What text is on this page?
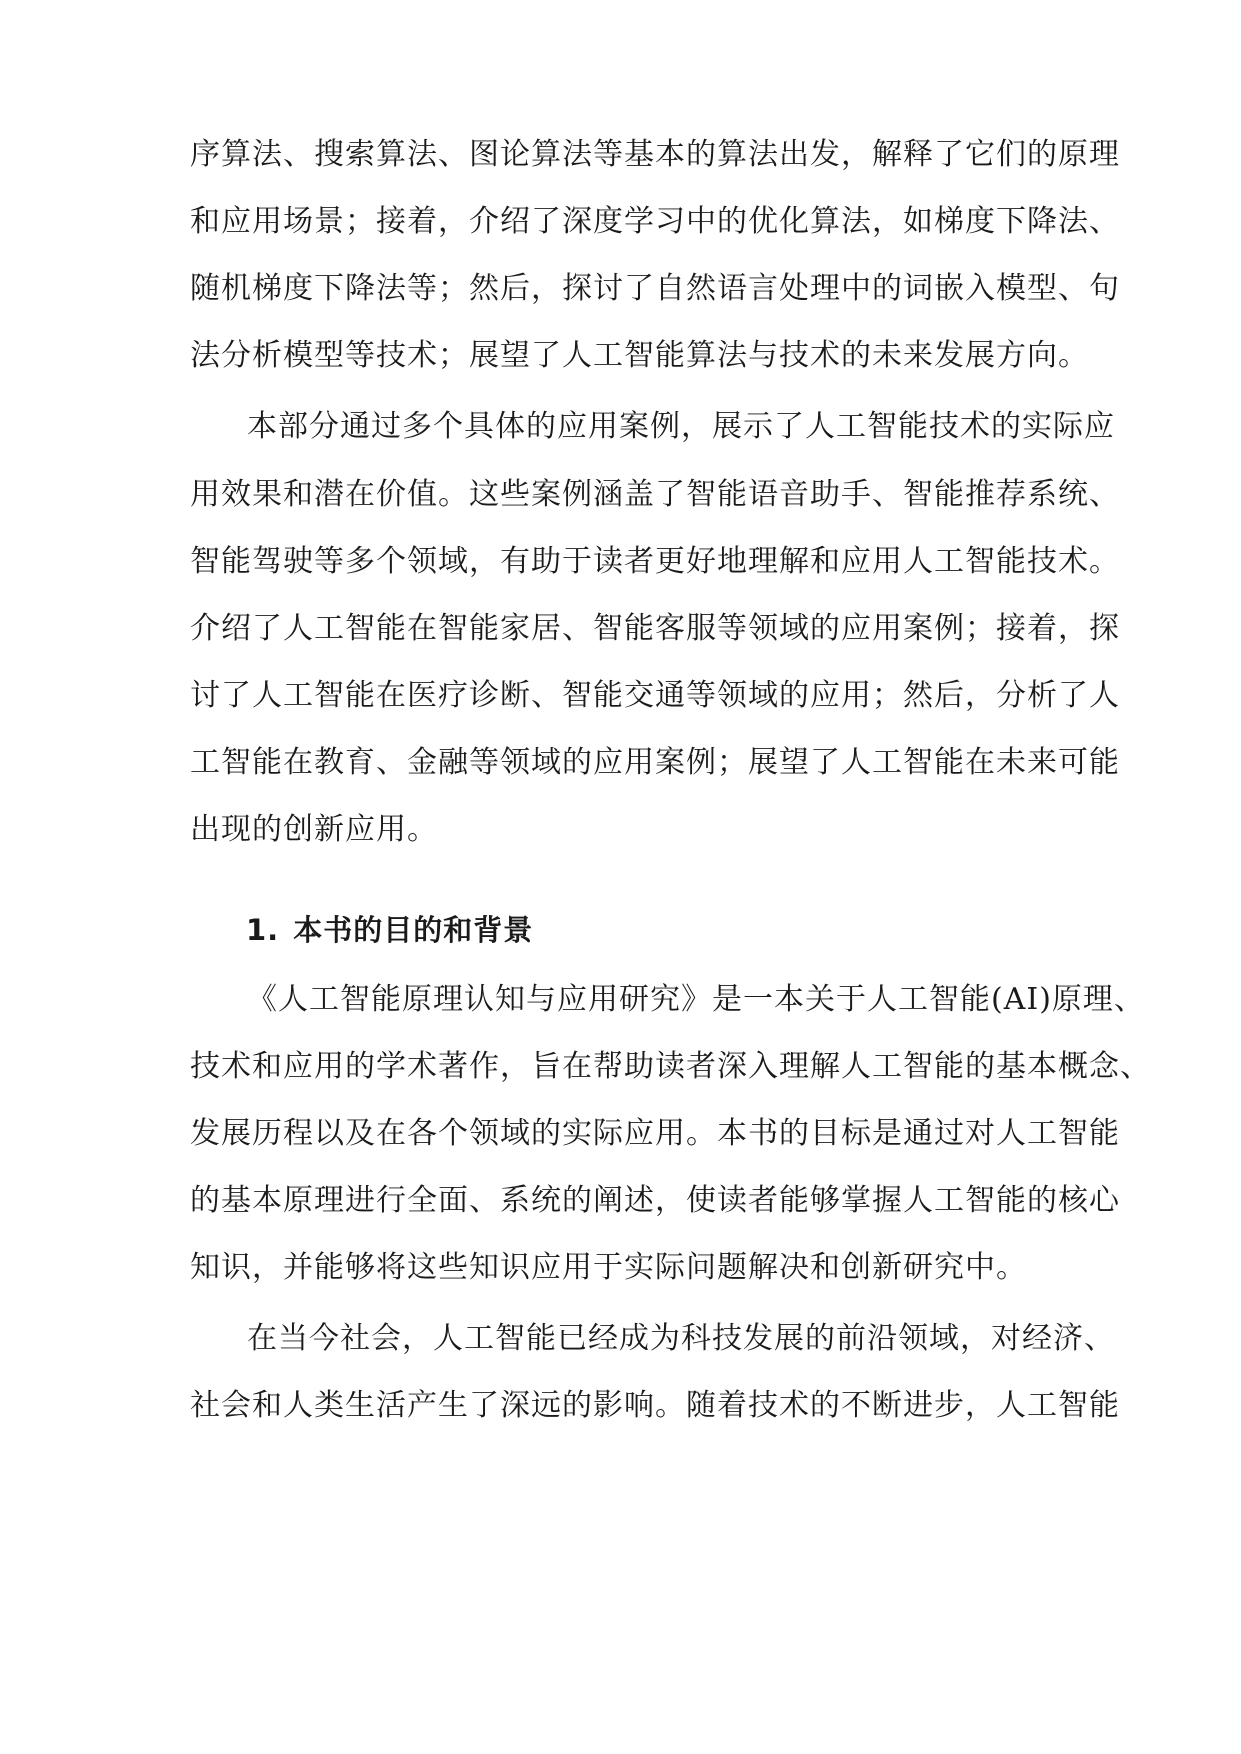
序算法、搜索算法、图论算法等基本的算法出发，解释了它们的原理
和应用场景；接着，介绍了深度学习中的优化算法，如梯度下降法、
随机梯度下降法等；然后，探讨了自然语言处理中的词嵌入模型、句
法分析模型等技术；展望了人工智能算法与技术的未来发展方向。
本部分通过多个具体的应用案例，展示了人工智能技术的实际应
用效果和潜在价值。这些案例涵盖了智能语音助手、智能推荐系统、
智能驾驶等多个领域，有助于读者更好地理解和应用人工智能技术。
介绍了人工智能在智能家居、智能客服等领域的应用案例；接着，探
讨了人工智能在医疗诊断、智能交通等领域的应用；然后，分析了人
工智能在教育、金融等领域的应用案例；展望了人工智能在未来可能
出现的创新应用。
1. 本书的目的和背景
《人工智能原理认知与应用研究》是一本关于人工智能(AI)原理、
技术和应用的学术著作，旨在帮助读者深入理解人工智能的基本概念、
发展历程以及在各个领域的实际应用。本书的目标是通过对人工智能
的基本原理进行全面、系统的阐述，使读者能够掌握人工智能的核心
知识，并能够将这些知识应用于实际问题解决和创新研究中。
在当今社会，人工智能已经成为科技发展的前沿领域，对经济、
社会和人类生活产生了深远的影响。随着技术的不断进步，人工智能
